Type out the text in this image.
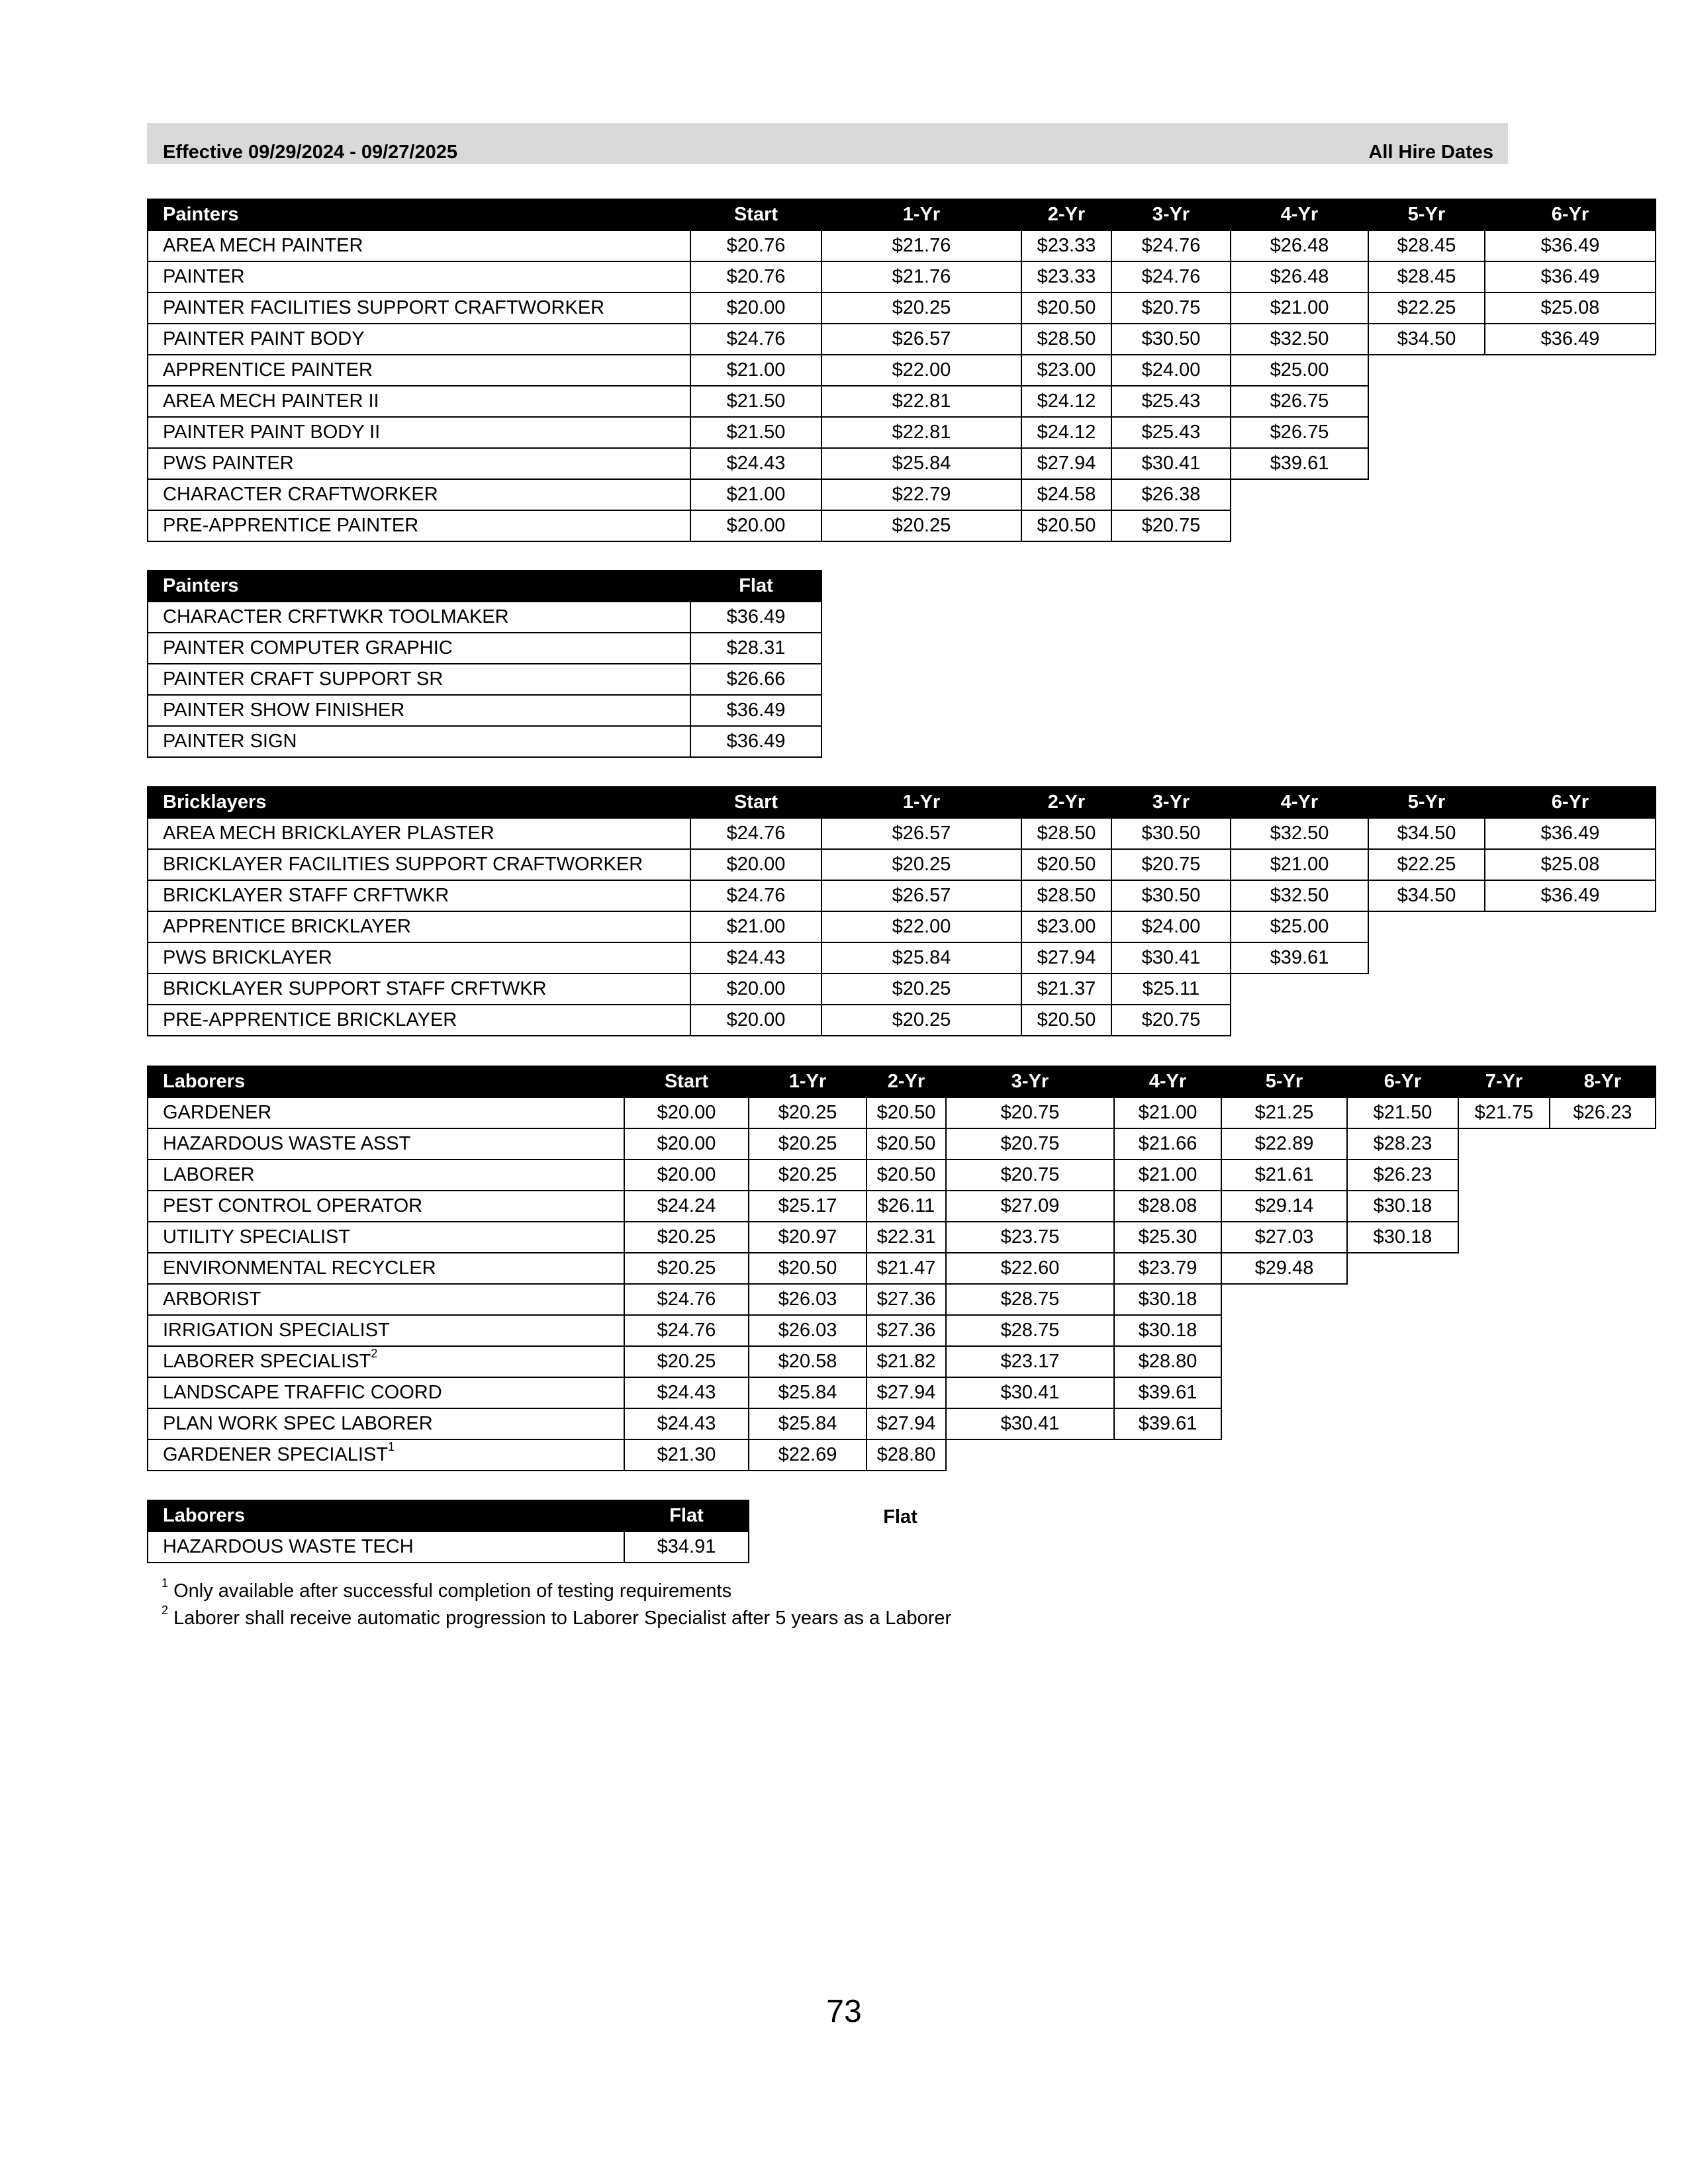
Effective 09/29/2024 - 09/27/2025	All Hire Dates
Painters	Start	1-Yr	2-Yr	3-Yr	4-Yr	5-Yr	6-Yr
AREA MECH PAINTER	$20.76	$21.76	$23.33	$24.76	$26.48	$28.45	$36.49
PAINTER	$20.76	$21.76	$23.33	$24.76	$26.48	$28.45	$36.49
PAINTER FACILITIES SUPPORT CRAFTWORKER	$20.00	$20.25	$20.50	$20.75	$21.00	$22.25	$25.08
PAINTER PAINT BODY	$24.76	$26.57	$28.50	$30.50	$32.50	$34.50	$36.49
APPRENTICE PAINTER	$21.00	$22.00	$23.00	$24.00	$25.00		
AREA MECH PAINTER II	$21.50	$22.81	$24.12	$25.43	$26.75		
PAINTER PAINT BODY II	$21.50	$22.81	$24.12	$25.43	$26.75		
PWS PAINTER	$24.43	$25.84	$27.94	$30.41	$39.61		
CHARACTER CRAFTWORKER	$21.00	$22.79	$24.58	$26.38			
PRE-APPRENTICE PAINTER	$20.00	$20.25	$20.50	$20.75			
Painters	Flat
CHARACTER CRFTWKR TOOLMAKER	$36.49
PAINTER COMPUTER GRAPHIC	$28.31
PAINTER CRAFT SUPPORT SR	$26.66
PAINTER SHOW FINISHER	$36.49
PAINTER SIGN	$36.49
Bricklayers	Start	1-Yr	2-Yr	3-Yr	4-Yr	5-Yr	6-Yr
AREA MECH BRICKLAYER PLASTER	$24.76	$26.57	$28.50	$30.50	$32.50	$34.50	$36.49
BRICKLAYER FACILITIES SUPPORT CRAFTWORKER	$20.00	$20.25	$20.50	$20.75	$21.00	$22.25	$25.08
BRICKLAYER STAFF CRFTWKR	$24.76	$26.57	$28.50	$30.50	$32.50	$34.50	$36.49
APPRENTICE BRICKLAYER	$21.00	$22.00	$23.00	$24.00	$25.00		
PWS BRICKLAYER	$24.43	$25.84	$27.94	$30.41	$39.61		
BRICKLAYER SUPPORT STAFF CRFTWKR	$20.00	$20.25	$21.37	$25.11			
PRE-APPRENTICE BRICKLAYER	$20.00	$20.25	$20.50	$20.75			
Laborers	Start	1-Yr	2-Yr	3-Yr	4-Yr	5-Yr	6-Yr	7-Yr	8-Yr
GARDENER	$20.00	$20.25	$20.50	$20.75	$21.00	$21.25	$21.50	$21.75	$26.23
HAZARDOUS WASTE ASST	$20.00	$20.25	$20.50	$20.75	$21.66	$22.89	$28.23		
LABORER	$20.00	$20.25	$20.50	$20.75	$21.00	$21.61	$26.23		
PEST CONTROL OPERATOR	$24.24	$25.17	$26.11	$27.09	$28.08	$29.14	$30.18		
UTILITY SPECIALIST	$20.25	$20.97	$22.31	$23.75	$25.30	$27.03	$30.18		
ENVIRONMENTAL RECYCLER	$20.25	$20.50	$21.47	$22.60	$23.79	$29.48			
ARBORIST	$24.76	$26.03	$27.36	$28.75	$30.18				
IRRIGATION SPECIALIST	$24.76	$26.03	$27.36	$28.75	$30.18				
LABORER SPECIALIST$^2$	$20.25	$20.58	$21.82	$23.17	$28.80				
LANDSCAPE TRAFFIC COORD	$24.43	$25.84	$27.94	$30.41	$39.61				
PLAN WORK SPEC LABORER	$24.43	$25.84	$27.94	$30.41	$39.61				
GARDENER SPECIALIST$^1$	$21.30	$22.69	$28.80						
Laborers	Flat
HAZARDOUS WASTE TECH	$34.91
Flat
$^1$ Only available after successful completion of testing requirements
$^2$ Laborer shall receive automatic progression to Laborer Specialist after 5 years as a Laborer
73
